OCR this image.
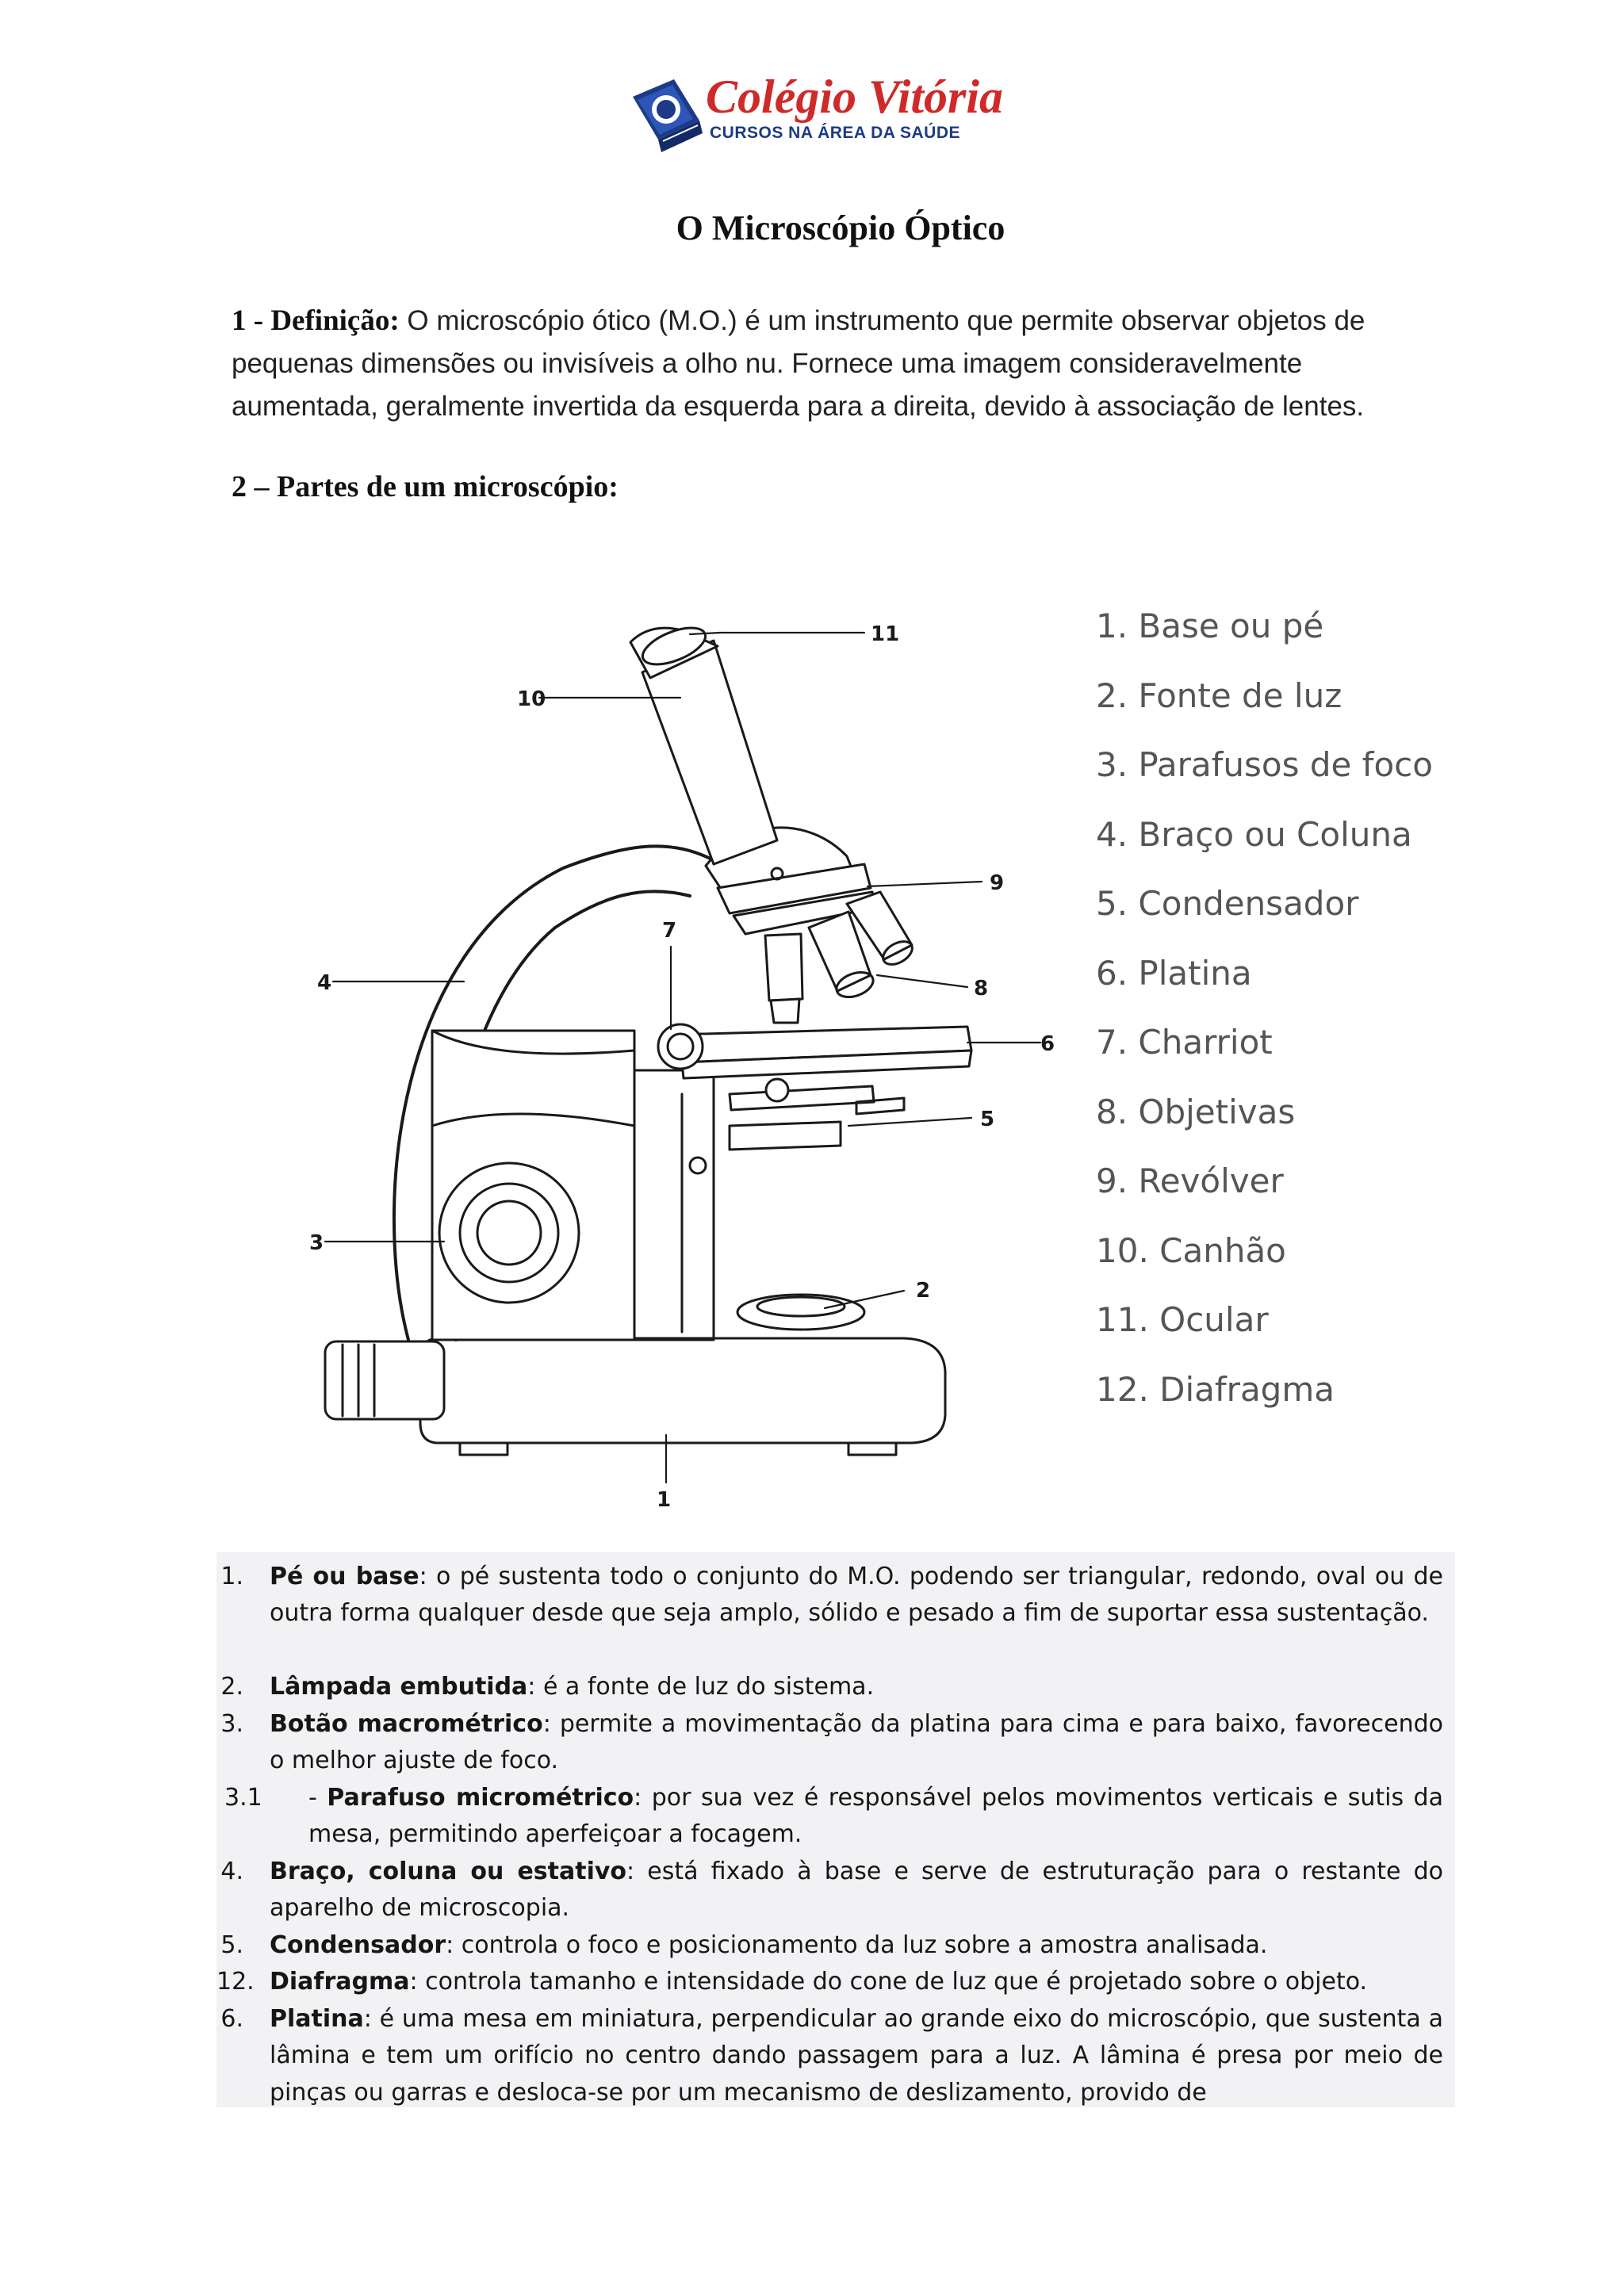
Colégio Vitória
CURSOS NA ÁREA DA SAÚDE
O Microscópio Óptico
1 - Definição: O microscópio ótico (M.O.) é um instrumento que permite observar objetos de pequenas dimensões ou invisíveis a olho nu. Fornece uma imagem consideravelmente aumentada, geralmente invertida da esquerda para a direita, devido à associação de lentes.
2 – Partes de um microscópio:
4
3
1
2
5
6
7
8
9
10
11	1. Base ou pé
2. Fonte de luz
3. Parafusos de foco
4. Braço ou Coluna
5. Condensador
6. Platina
7. Charriot
8. Objetivas
9. Revólver
10. Canhão
11. Ocular
12. Diafragma
1. Pé ou base: o pé sustenta todo o conjunto do M.O. podendo ser triangular, redondo, oval ou de outra forma qualquer desde que seja amplo, sólido e pesado a fim de suportar essa sustentação.
2. Lâmpada embutida: é a fonte de luz do sistema.
3. Botão macrométrico: permite a movimentação da platina para cima e para baixo, favorecendo o melhor ajuste de foco.
3.1	- Parafuso micrométrico: por sua vez é responsável pelos movimentos verticais e sutis da mesa, permitindo aperfeiçoar a focagem.
4. Braço, coluna ou estativo: está fixado à base e serve de estruturação para o restante do aparelho de microscopia.
5. Condensador: controla o foco e posicionamento da luz sobre a amostra analisada.
12. Diafragma: controla tamanho e intensidade do cone de luz que é projetado sobre o objeto.
6. Platina: é uma mesa em miniatura, perpendicular ao grande eixo do microscópio, que sustenta a lâmina e tem um orifício no centro dando passagem para a luz. A lâmina é presa por meio de pinças ou garras e desloca-se por um mecanismo de deslizamento, provido de
